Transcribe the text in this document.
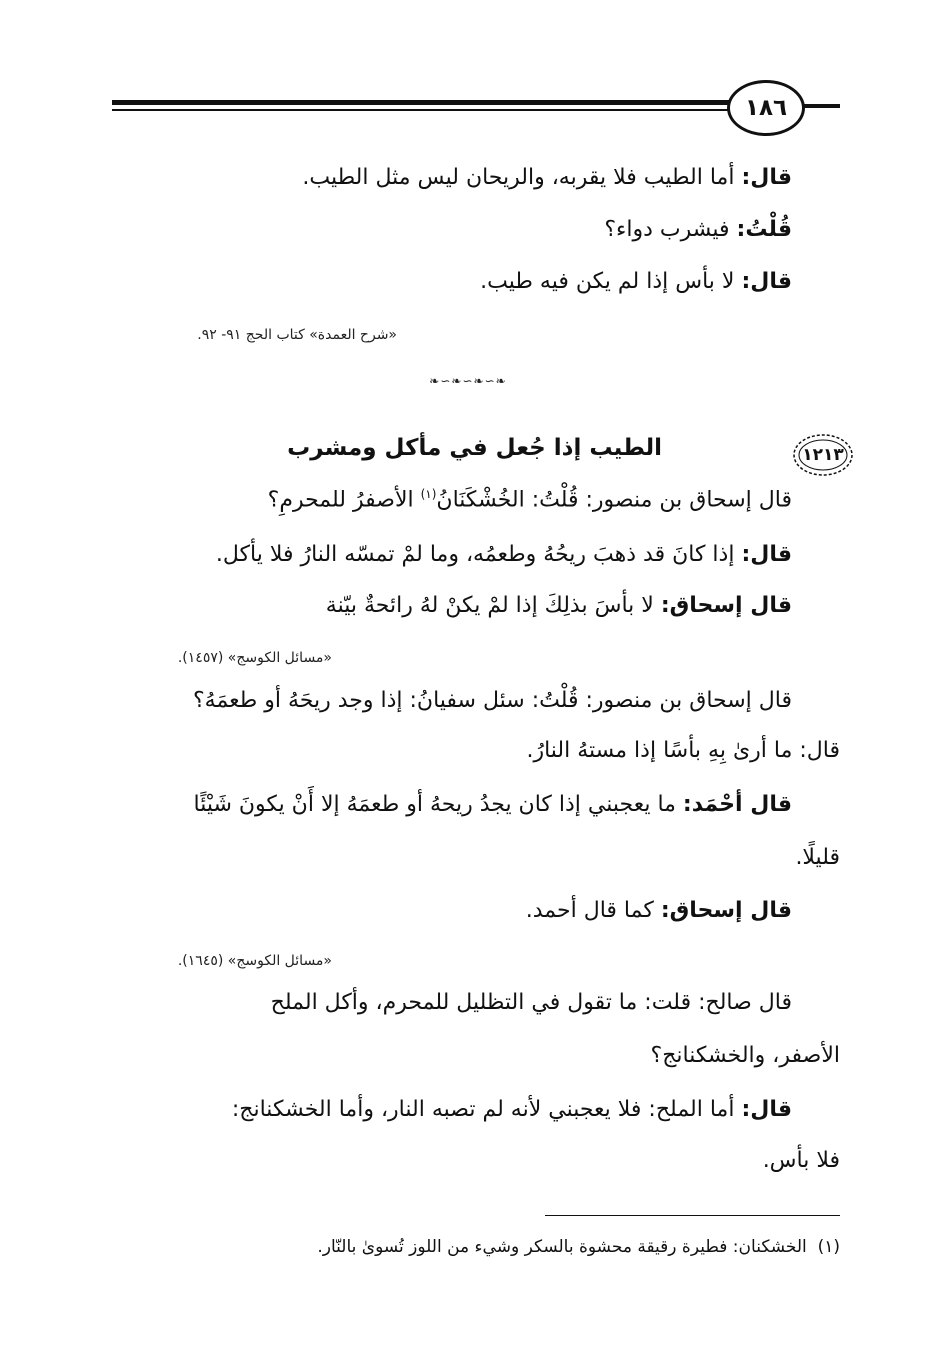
١٨٦
قال: أما الطيب فلا يقربه، والريحان ليس مثل الطيب.
قُلْتُ: فيشرب دواء؟
قال: لا بأس إذا لم يكن فيه طيب.
«شرح العمدة» كتاب الحج ٩١- ٩٢.
❧∽❧∽❧∽❧
١٢١٣
الطيب إذا جُعل في مأكل ومشرب
قال إسحاق بن منصور: قُلْتُ: الخُشْكَنَانُ$^{(١)}$ الأصفرُ للمحرمِ؟
قال: إذا كانَ قد ذهبَ ريحُهُ وطعمُه، وما لمْ تمسّه النارُ فلا يأكل.
قال إسحاق: لا بأسَ بذلِكَ إذا لمْ يكنْ لهُ رائحةٌ بيّنة
«مسائل الكوسج» (١٤٥٧).
قال إسحاق بن منصور: قُلْتُ: سئل سفيانُ: إذا وجد ريحَهُ أو طعمَهُ؟
قال: ما أرىٰ بِهِ بأسًا إذا مستهُ النارُ.
قال أحْمَد: ما يعجبني إذا كان يجدُ ريحهُ أو طعمَهُ إلا أَنْ يكونَ شَيْئًا
قليلًا.
قال إسحاق: كما قال أحمد.
«مسائل الكوسج» (١٦٤٥).
قال صالح: قلت: ما تقول في التظليل للمحرم، وأكل الملح
الأصفر، والخشكنانج؟
قال: أما الملح: فلا يعجبني لأنه لم تصبه النار، وأما الخشكنانج:
فلا بأس.
(١)  الخشكنان: فطيرة رقيقة محشوة بالسكر وشيء من اللوز تُسوىٰ بالنّار.
